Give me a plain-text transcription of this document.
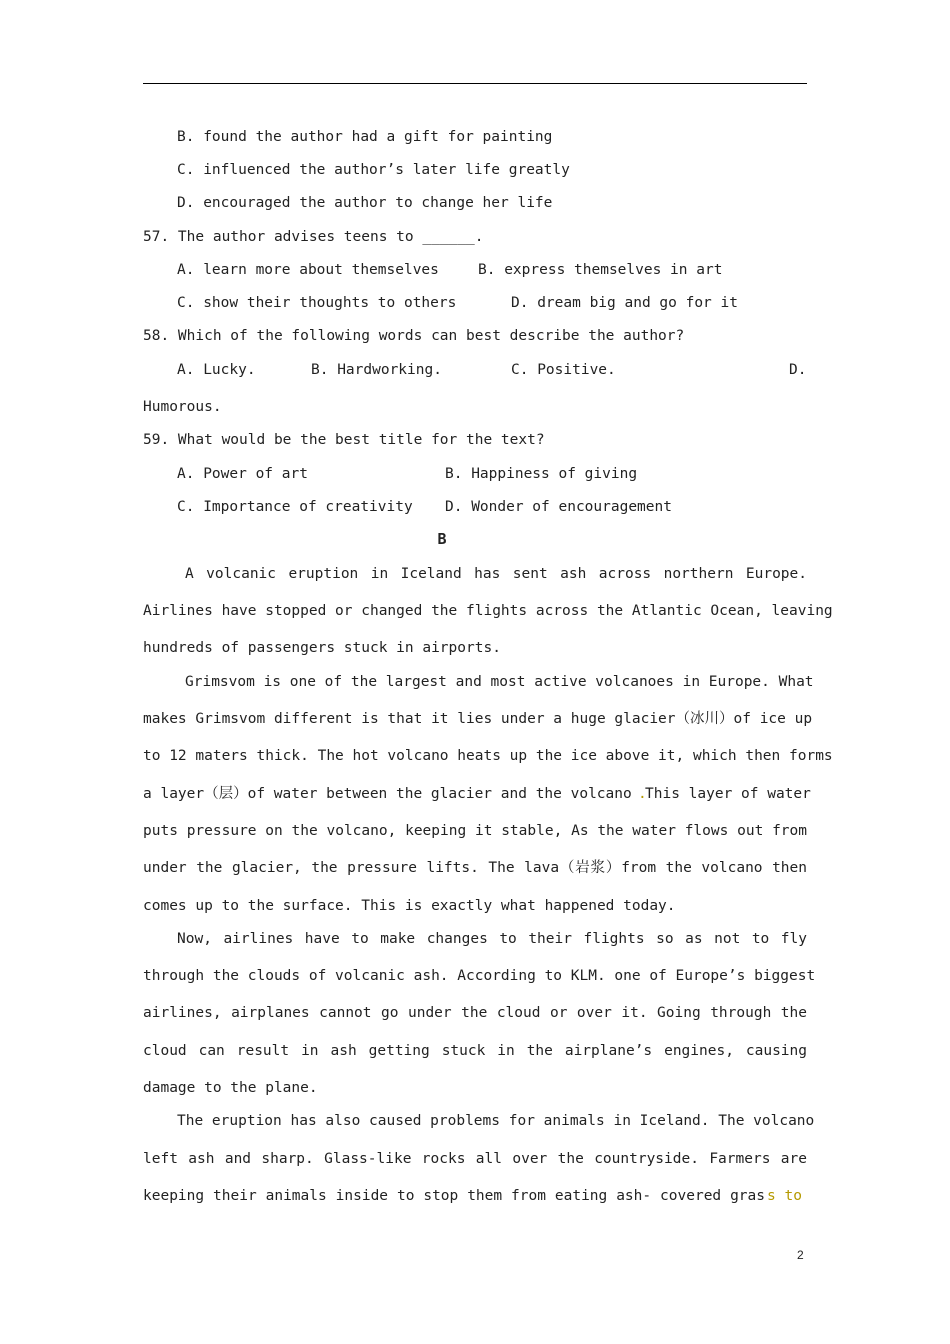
B. found the author had a gift for painting
C. influenced the author’s later life greatly
D. encouraged the author to change her life
57. The author advises teens to ______.
A. learn more about themselves	B. express themselves in art
C. show their thoughts to others	D. dream big and go for it
58. Which of the following words can best describe the author?
A. Lucky.	B. Hardworking.	C. Positive.	D.
Humorous.
59. What would be the best title for the text?
A. Power of art	B. Happiness of giving
C. Importance of creativity D. Wonder of encouragement
B
A volcanic eruption in Iceland has sent ash across northern Europe.
Airlines have stopped or changed the flights across the Atlantic Ocean, leaving
hundreds of passengers stuck in airports.
Grimsvom is one of the largest and most active volcanoes in Europe. What
makes Grimsvom different is that it lies under a huge glacier（冰川）of ice up
to 12 maters thick. The hot volcano heats up the ice above it, which then forms
a layer（层）of water between the glacier and the volcano .
This layer of water
puts pressure on the volcano, keeping it stable, As the water flows out from
under the glacier, the pressure lifts. The lava（岩浆）from the volcano then
comes up to the surface. This is exactly what happened today.
Now, airlines have to make changes to their flights so as not to fly
through the clouds of volcanic ash. According to KLM. one of Europe’s biggest
airlines, airplanes cannot go under the cloud or over it. Going through the
cloud can result in ash getting stuck in the airplane’s engines, causing
damage to the plane.
The eruption has also caused problems for animals in Iceland. The volcano
left ash and sharp. Glass-like rocks all over the countryside. Farmers are
keeping their animals inside to stop them from eating ash- covered gras s to
2
